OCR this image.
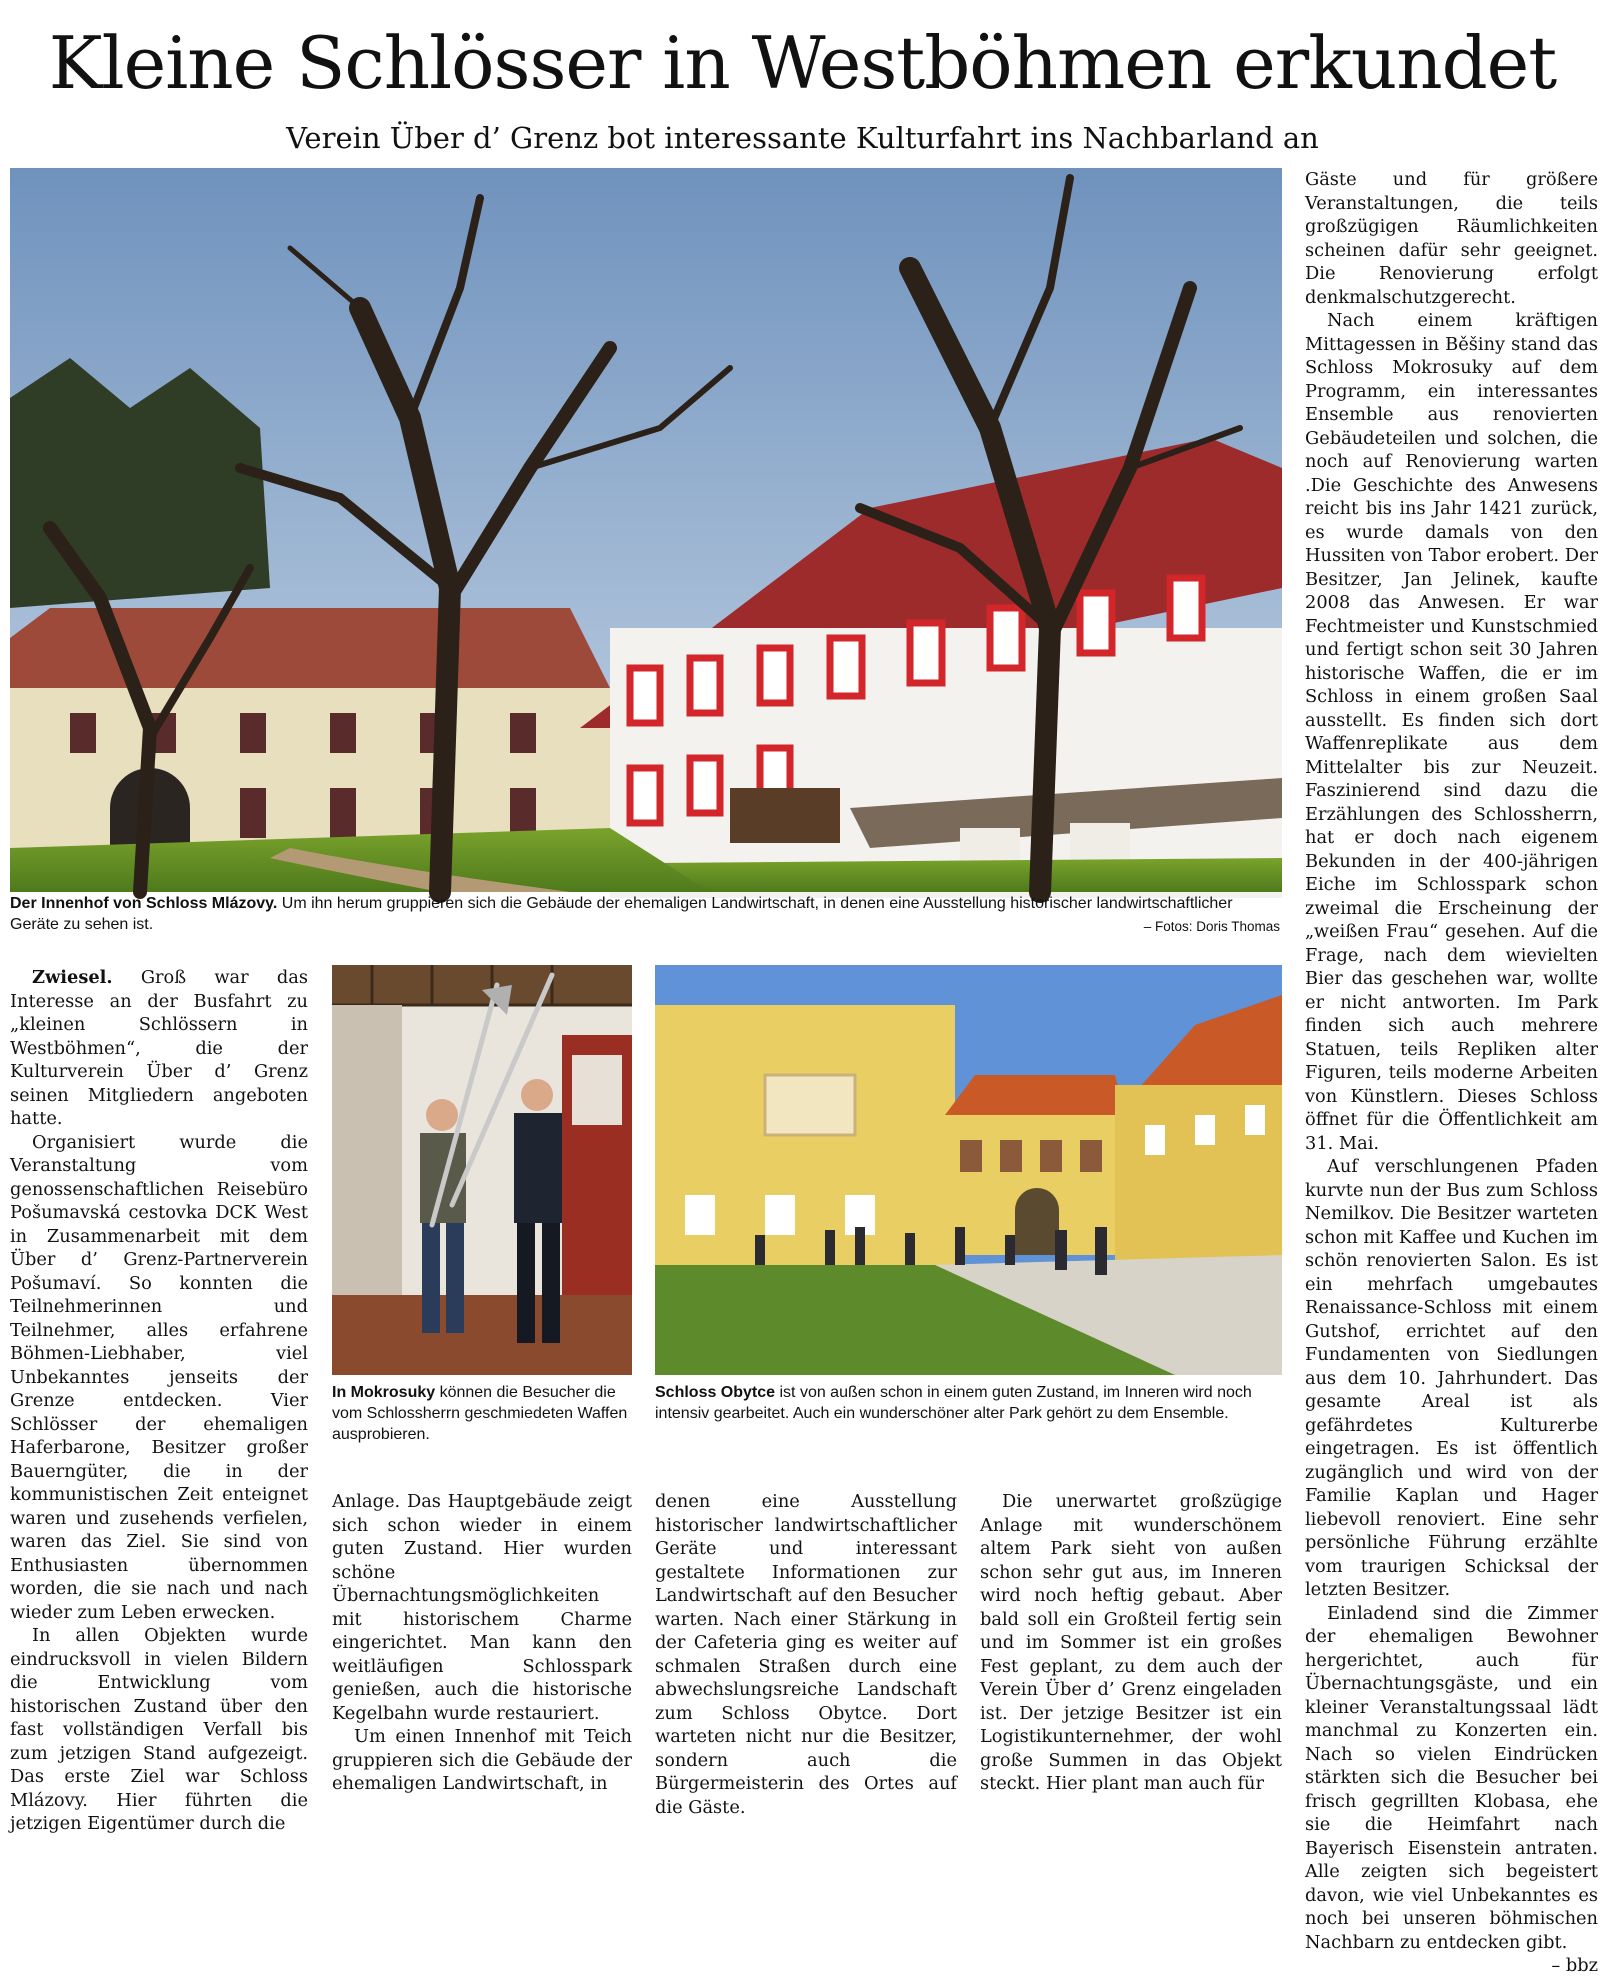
Kleine Schlösser in Westböhmen erkundet
Verein Über d’ Grenz bot interessante Kulturfahrt ins Nachbarland an

Der Innenhof von Schloss Mlázovy. Um ihn herum gruppieren sich die Gebäude der ehemaligen Landwirtschaft, in denen eine Ausstellung historischer landwirtschaftlicher Geräte zu sehen ist.	– Fotos: Doris Thomas

In Mokrosuky können die Besucher die vom Schlossherrn geschmiedeten Waffen ausprobieren.

Schloss Obytce ist von außen schon in einem guten Zustand, im Inneren wird noch intensiv gearbeitet. Auch ein wunderschöner alter Park gehört zu dem Ensemble.

Zwiesel. Groß war das Interesse an der Busfahrt zu „kleinen Schlössern in Westböhmen“, die der Kulturverein Über d’ Grenz seinen Mitgliedern angeboten hatte.

Organisiert wurde die Veranstaltung vom genossenschaftlichen Reisebüro Pošumavská cestovka DCK West in Zusammenarbeit mit dem Über d’ Grenz-Partnerverein Pošumaví. So konnten die Teilnehmerinnen und Teilnehmer, alles erfahrene Böhmen-Liebhaber, viel Unbekanntes jenseits der Grenze entdecken. Vier Schlösser der ehemaligen Haferbarone, Besitzer großer Bauerngüter, die in der kommunistischen Zeit enteignet waren und zusehends verfielen, waren das Ziel. Sie sind von Enthusiasten übernommen worden, die sie nach und nach wieder zum Leben erwecken.

In allen Objekten wurde eindrucksvoll in vielen Bildern die Entwicklung vom historischen Zustand über den fast vollständigen Verfall bis zum jetzigen Stand aufgezeigt. Das erste Ziel war Schloss Mlázovy. Hier führten die jetzigen Eigentümer durch die

Anlage. Das Hauptgebäude zeigt sich schon wieder in einem guten Zustand. Hier wurden schöne Übernachtungsmöglichkeiten mit historischem Charme eingerichtet. Man kann den weitläufigen Schlosspark genießen, auch die historische Kegelbahn wurde restauriert.

Um einen Innenhof mit Teich gruppieren sich die Gebäude der ehemaligen Landwirtschaft, in

denen eine Ausstellung historischer landwirtschaftlicher Geräte und interessant gestaltete Informationen zur Landwirtschaft auf den Besucher warten. Nach einer Stärkung in der Cafeteria ging es weiter auf schmalen Straßen durch eine abwechslungsreiche Landschaft zum Schloss Obytce. Dort warteten nicht nur die Besitzer, sondern auch die Bürgermeisterin des Ortes auf die Gäste.

Die unerwartet großzügige Anlage mit wunderschönem altem Park sieht von außen schon sehr gut aus, im Inneren wird noch heftig gebaut. Aber bald soll ein Großteil fertig sein und im Sommer ist ein großes Fest geplant, zu dem auch der Verein Über d’ Grenz eingeladen ist. Der jetzige Besitzer ist ein Logistikunternehmer, der wohl große Summen in das Objekt steckt. Hier plant man auch für

Gäste und für größere Veranstaltungen, die teils großzügigen Räumlichkeiten scheinen dafür sehr geeignet. Die Renovierung erfolgt denkmalschutzgerecht.

Nach einem kräftigen Mittagessen in Běšiny stand das Schloss Mokrosuky auf dem Programm, ein interessantes Ensemble aus renovierten Gebäudeteilen und solchen, die noch auf Renovierung warten .Die Geschichte des Anwesens reicht bis ins Jahr 1421 zurück, es wurde damals von den Hussiten von Tabor erobert. Der Besitzer, Jan Jelinek, kaufte 2008 das Anwesen. Er war Fechtmeister und Kunstschmied und fertigt schon seit 30 Jahren historische Waffen, die er im Schloss in einem großen Saal ausstellt. Es finden sich dort Waffenreplikate aus dem Mittelalter bis zur Neuzeit. Faszinierend sind dazu die Erzählungen des Schlossherrn, hat er doch nach eigenem Bekunden in der 400-jährigen Eiche im Schlosspark schon zweimal die Erscheinung der „weißen Frau“ gesehen. Auf die Frage, nach dem wievielten Bier das geschehen war, wollte er nicht antworten. Im Park finden sich auch mehrere Statuen, teils Repliken alter Figuren, teils moderne Arbeiten von Künstlern. Dieses Schloss öffnet für die Öffentlichkeit am 31. Mai.

Auf verschlungenen Pfaden kurvte nun der Bus zum Schloss Nemilkov. Die Besitzer warteten schon mit Kaffee und Kuchen im schön renovierten Salon. Es ist ein mehrfach umgebautes Renaissance-Schloss mit einem Gutshof, errichtet auf den Fundamenten von Siedlungen aus dem 10. Jahrhundert. Das gesamte Areal ist als gefährdetes Kulturerbe eingetragen. Es ist öffentlich zugänglich und wird von der Familie Kaplan und Hager liebevoll renoviert. Eine sehr persönliche Führung erzählte vom traurigen Schicksal der letzten Besitzer.

Einladend sind die Zimmer der ehemaligen Bewohner hergerichtet, auch für Übernachtungsgäste, und ein kleiner Veranstaltungssaal lädt manchmal zu Konzerten ein. Nach so vielen Eindrücken stärkten sich die Besucher bei frisch gegrillten Klobasa, ehe sie die Heimfahrt nach Bayerisch Eisenstein antraten. Alle zeigten sich begeistert davon, wie viel Unbekanntes es noch bei unseren böhmischen Nachbarn zu entdecken gibt.
– bbz
